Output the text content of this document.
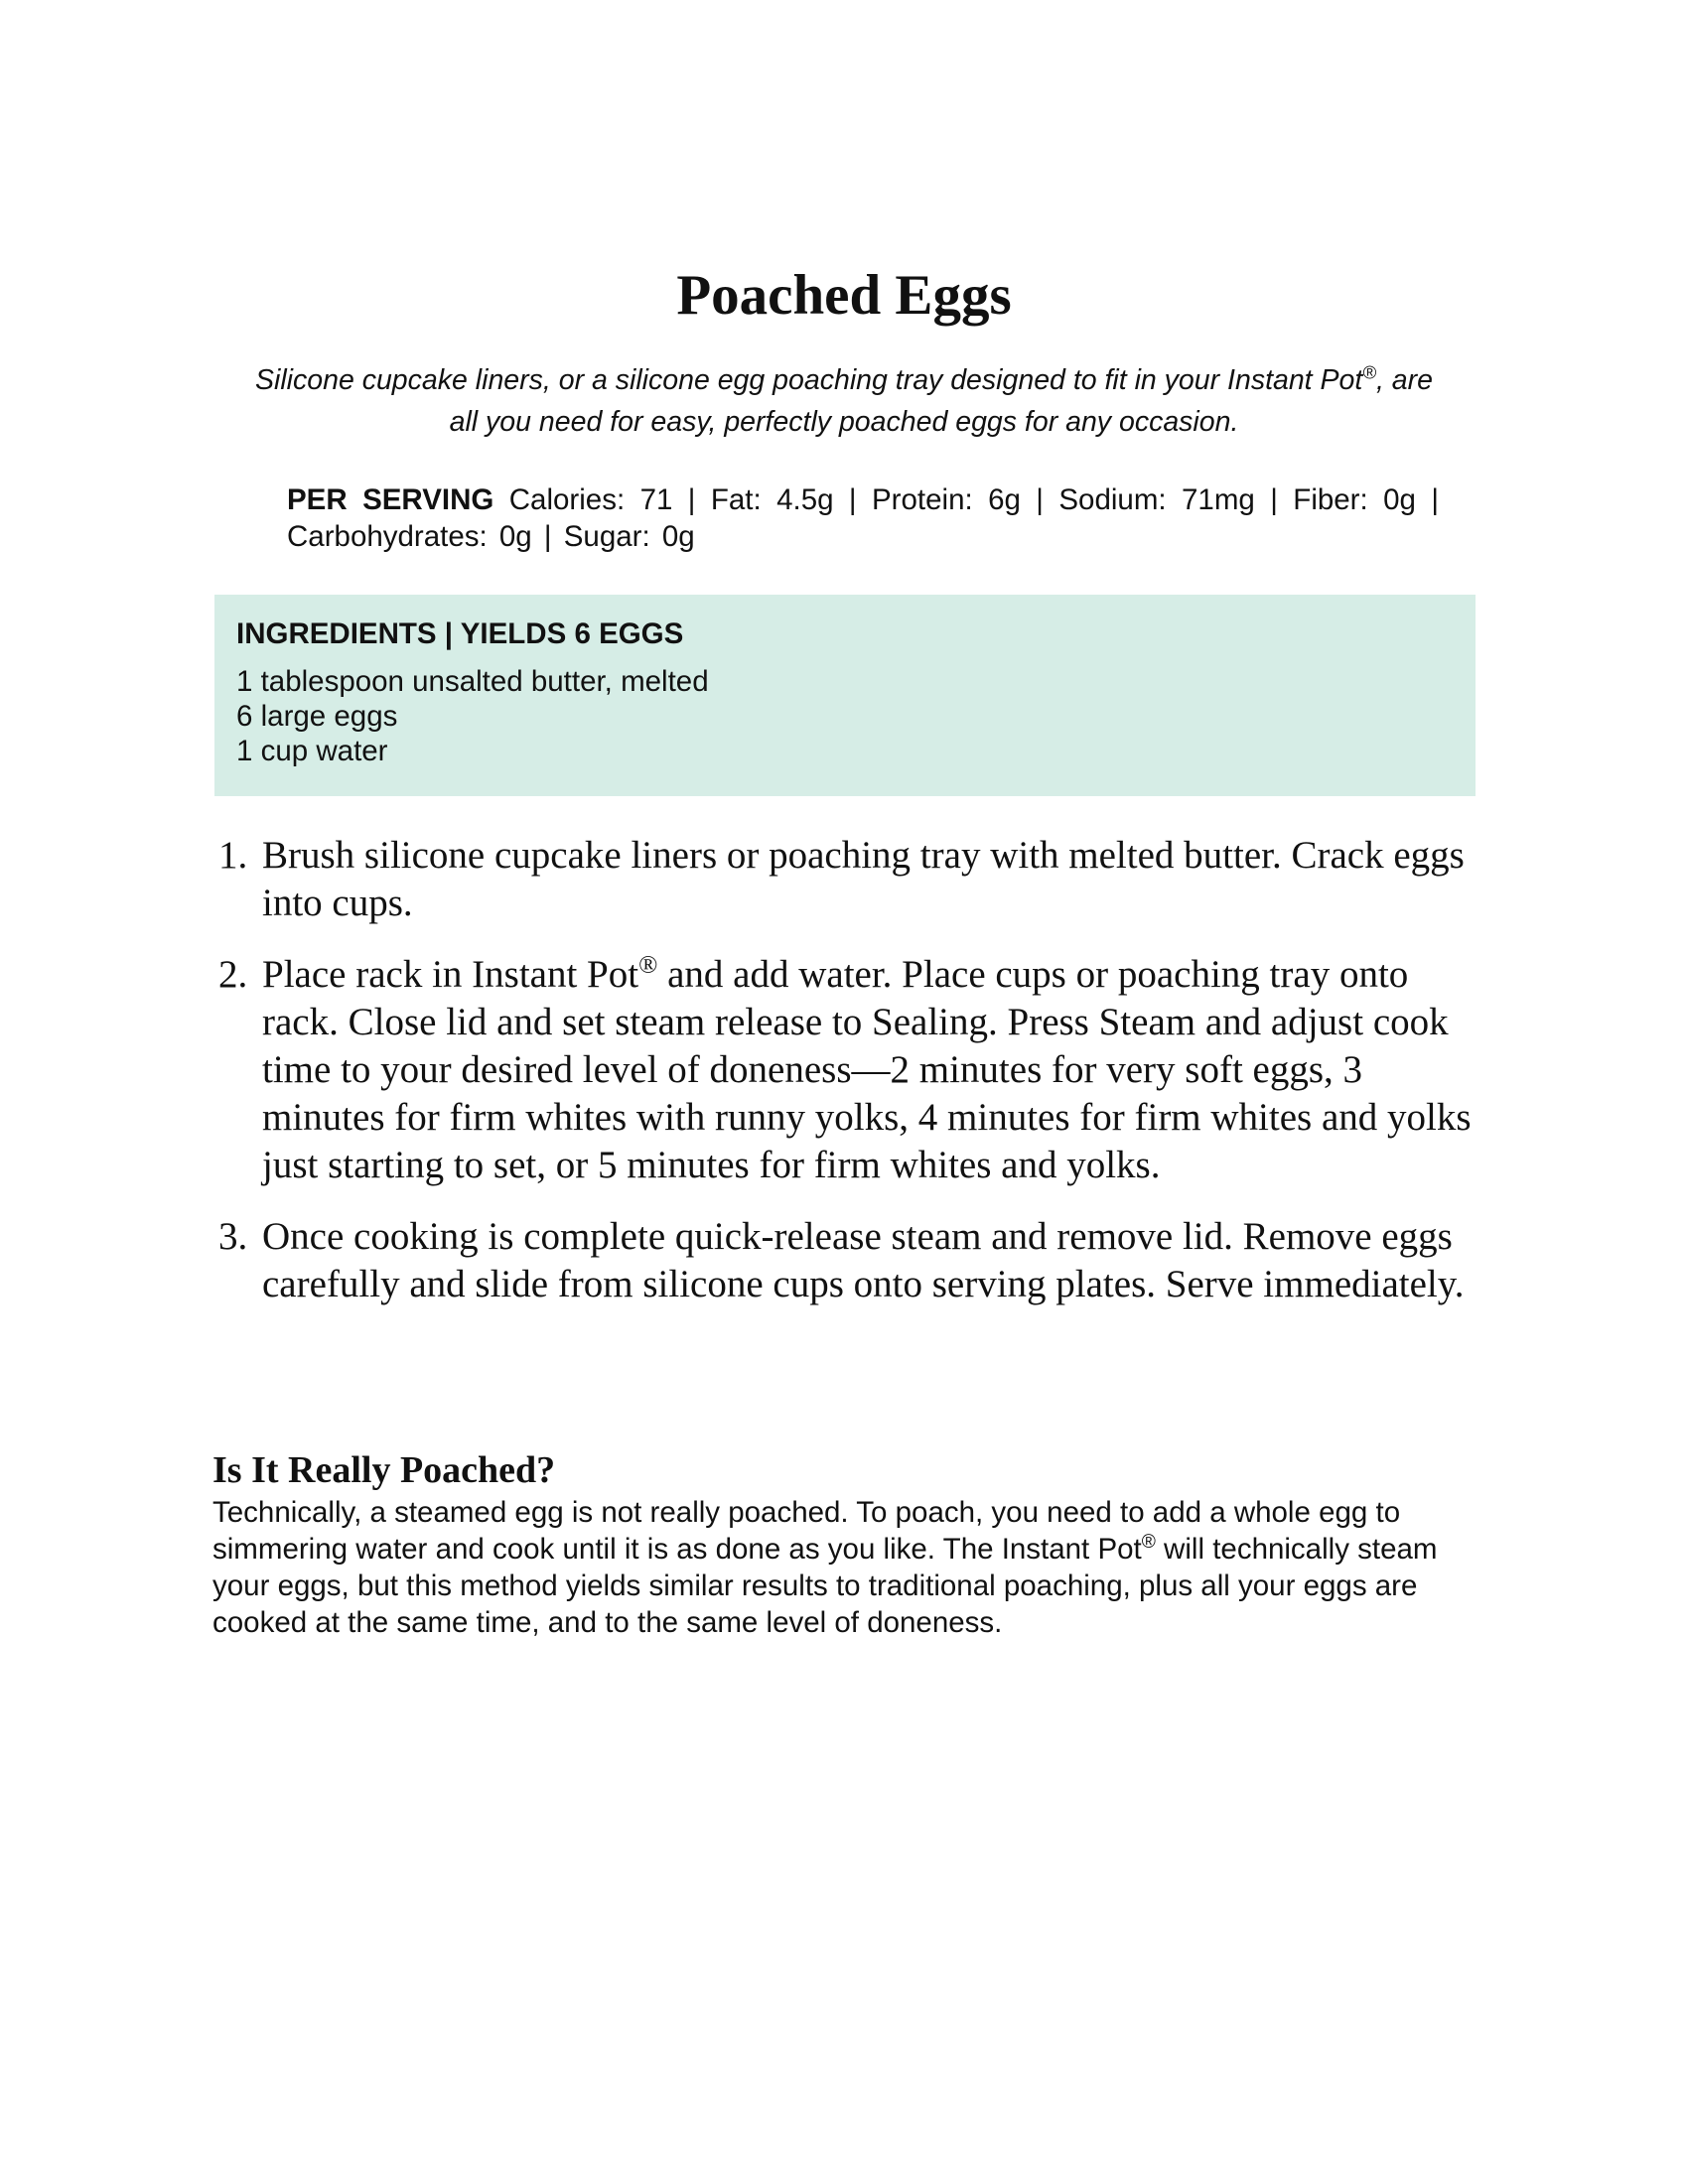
Poached Eggs

Silicone cupcake liners, or a silicone egg poaching tray designed to fit in your Instant Pot®, are all you need for easy, perfectly poached eggs for any occasion.

PER SERVING Calories: 71 | Fat: 4.5g | Protein: 6g | Sodium: 71mg | Fiber: 0g | Carbohydrates: 0g | Sugar: 0g

INGREDIENTS | YIELDS 6 EGGS
1 tablespoon unsalted butter, melted
6 large eggs
1 cup water
1. Brush silicone cupcake liners or poaching tray with melted butter. Crack eggs into cups.
2. Place rack in Instant Pot® and add water. Place cups or poaching tray onto rack. Close lid and set steam release to Sealing. Press Steam and adjust cook time to your desired level of doneness—2 minutes for very soft eggs, 3 minutes for firm whites with runny yolks, 4 minutes for firm whites and yolks just starting to set, or 5 minutes for firm whites and yolks.
3. Once cooking is complete quick-release steam and remove lid. Remove eggs carefully and slide from silicone cups onto serving plates. Serve immediately.
Is It Really Poached?

Technically, a steamed egg is not really poached. To poach, you need to add a whole egg to simmering water and cook until it is as done as you like. The Instant Pot® will technically steam your eggs, but this method yields similar results to traditional poaching, plus all your eggs are cooked at the same time, and to the same level of doneness.
